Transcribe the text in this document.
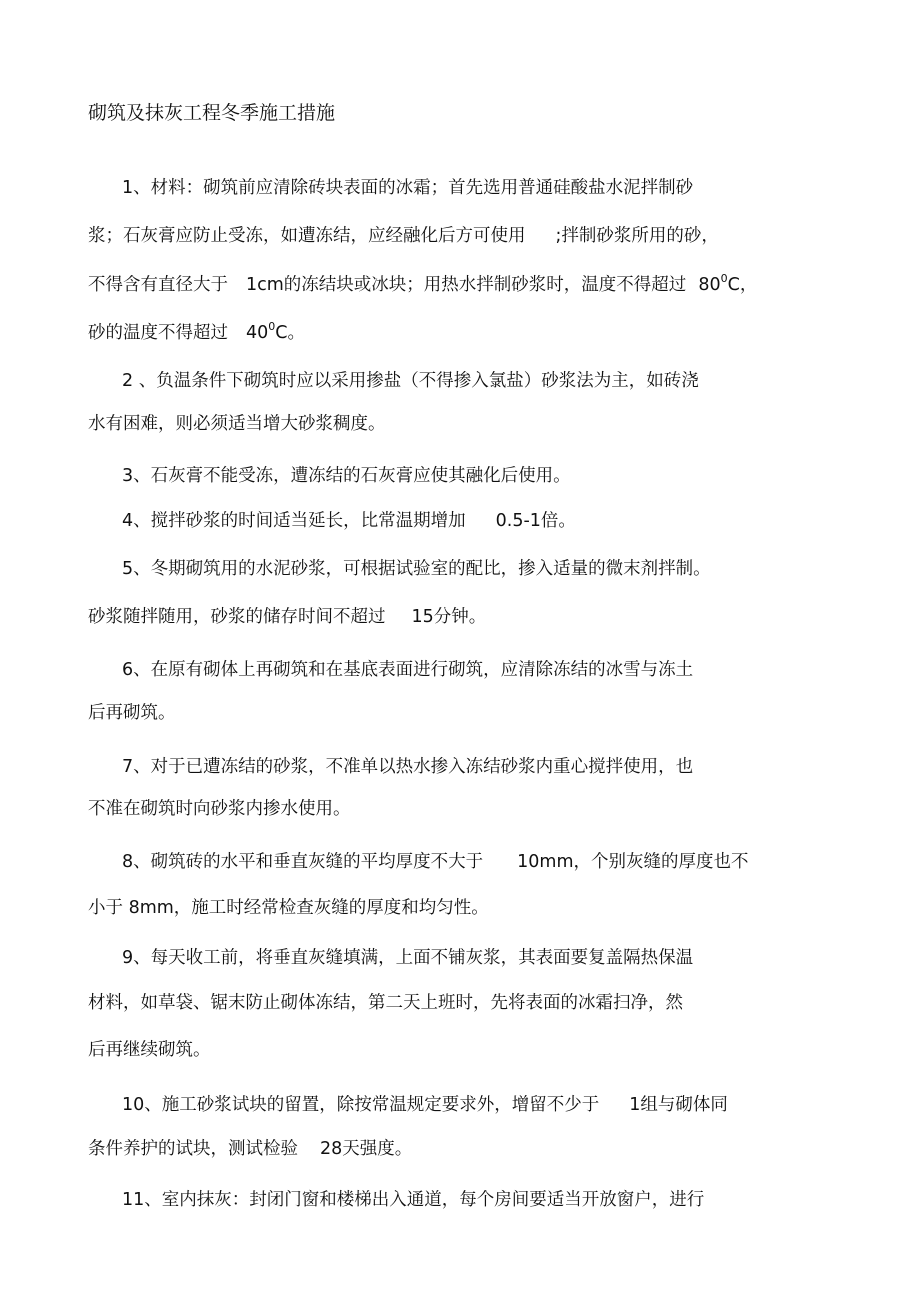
砌筑及抹灰工程冬季施工措施
1、材料：砌筑前应清除砖块表面的冰霜；首先选用普通硅酸盐水泥拌制砂
浆；石灰膏应防止受冻，如遭冻结，应经融化后方可使用 ;拌制砂浆所用的砂，
不得含有直径大于 1cm的冻结块或冰块；用热水拌制砂浆时，温度不得超过 $80^0C$，
砂的温度不得超过 $40^0C$。
2 、负温条件下砌筑时应以采用掺盐（不得掺入氯盐）砂浆法为主，如砖浇
水有困难，则必须适当增大砂浆稠度。
3、石灰膏不能受冻，遭冻结的石灰膏应使其融化后使用。
4、搅拌砂浆的时间适当延长，比常温期增加 0.5-1倍。
5、冬期砌筑用的水泥砂浆，可根据试验室的配比，掺入适量的微末剂拌制。
砂浆随拌随用，砂浆的储存时间不超过 15分钟。
6、在原有砌体上再砌筑和在基底表面进行砌筑，应清除冻结的冰雪与冻土
后再砌筑。
7、对于已遭冻结的砂浆，不准单以热水掺入冻结砂浆内重心搅拌使用，也
不准在砌筑时向砂浆内掺水使用。
8、砌筑砖的水平和垂直灰缝的平均厚度不大于 10mm，个别灰缝的厚度也不
小于 8mm，施工时经常检查灰缝的厚度和均匀性。
9、每天收工前，将垂直灰缝填满，上面不铺灰浆，其表面要复盖隔热保温
材料，如草袋、锯末防止砌体冻结，第二天上班时，先将表面的冰霜扫净，然
后再继续砌筑。
10、施工砂浆试块的留置，除按常温规定要求外，增留不少于 1组与砌体同
条件养护的试块，测试检验 28天强度。
11、室内抹灰：封闭门窗和楼梯出入通道，每个房间要适当开放窗户，进行
